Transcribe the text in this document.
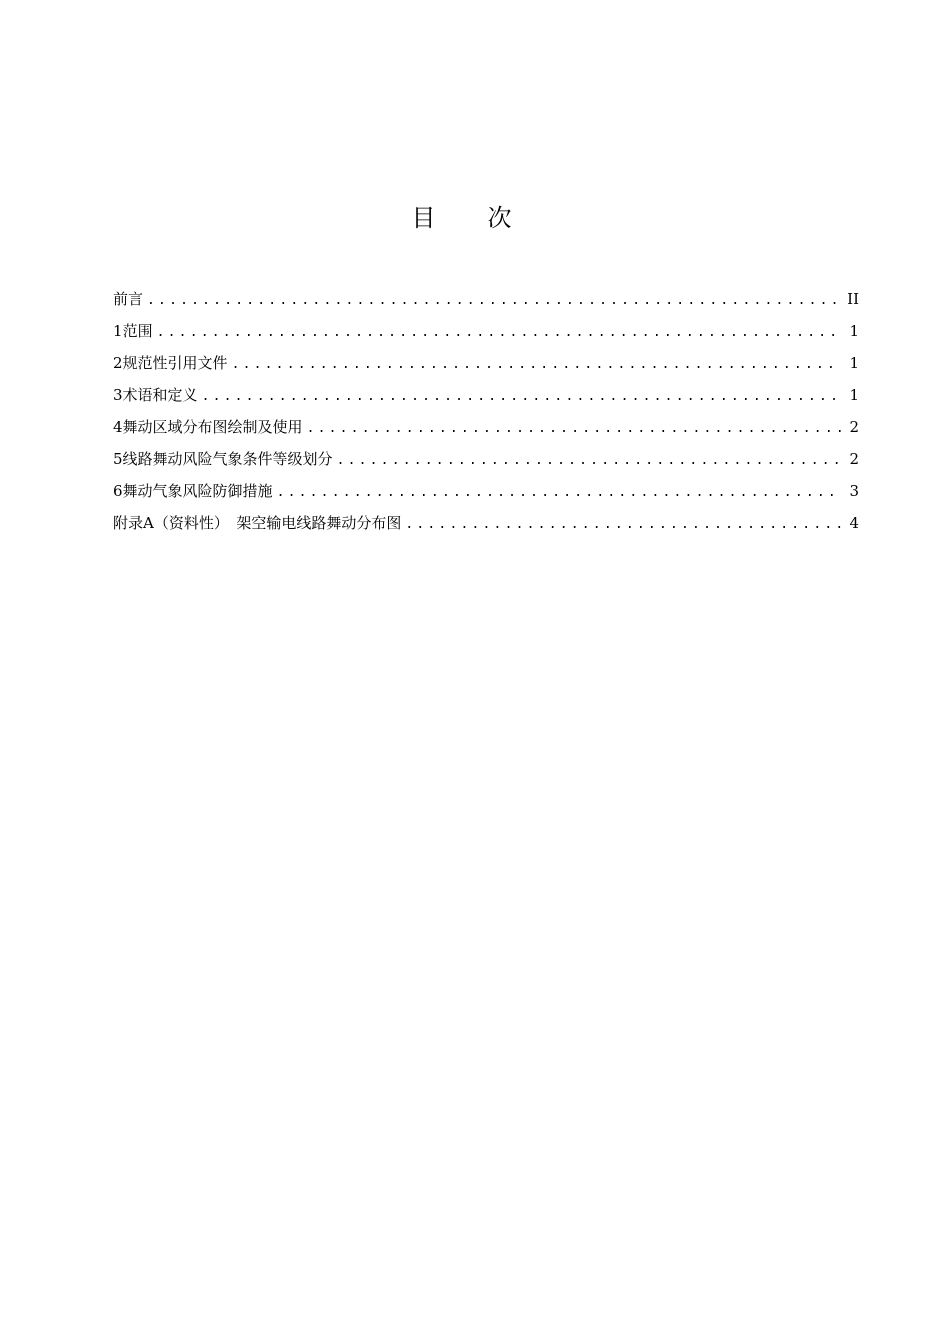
目次
前言 .....	II
1 范围 .....	1
2 规范性引用文件 .....	1
3 术语和定义 .....	1
4 舞动区域分布图绘制及使用 .....	2
5 线路舞动风险气象条件等级划分 .....	2
6 舞动气象风险防御措施 .....	3
附录A（资料性）　架空输电线路舞动分布图 .....	4
